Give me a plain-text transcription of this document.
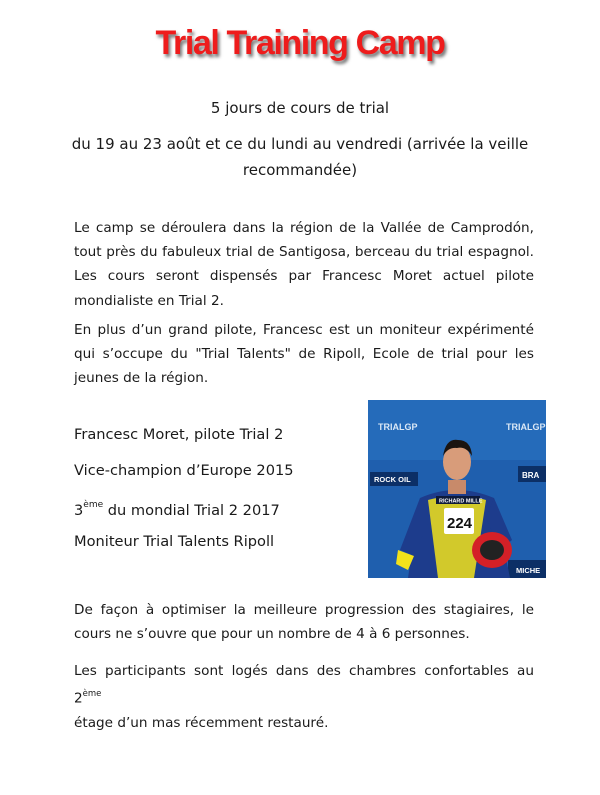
Trial Training Camp
5 jours de cours de trial
du 19 au 23 août et ce du lundi au vendredi (arrivée la veille
recommandée)
Le camp se déroulera dans la région de la Vallée de Camprodón, tout près du fabuleux trial de Santigosa, berceau du trial espagnol. Les cours seront dispensés par Francesc Moret actuel pilote mondialiste en Trial 2.
En plus d’un grand pilote, Francesc est un moniteur expérimenté qui s’occupe du "Trial Talents" de Ripoll, Ecole de trial pour les jeunes de la région.
Francesc Moret, pilote Trial 2
Vice-champion d’Europe 2015
3ème du mondial Trial 2 2017
Moniteur Trial Talents Ripoll
TRIALGP	TRIALGP
ROCK OIL	BRA
MICHE
RICHARD MILLE
224
De façon à optimiser la meilleure progression des stagiaires, le cours ne s’ouvre que pour un nombre de 4 à 6 personnes.
Les participants sont logés dans des chambres confortables au 2ème
étage d’un mas récemment restauré.
